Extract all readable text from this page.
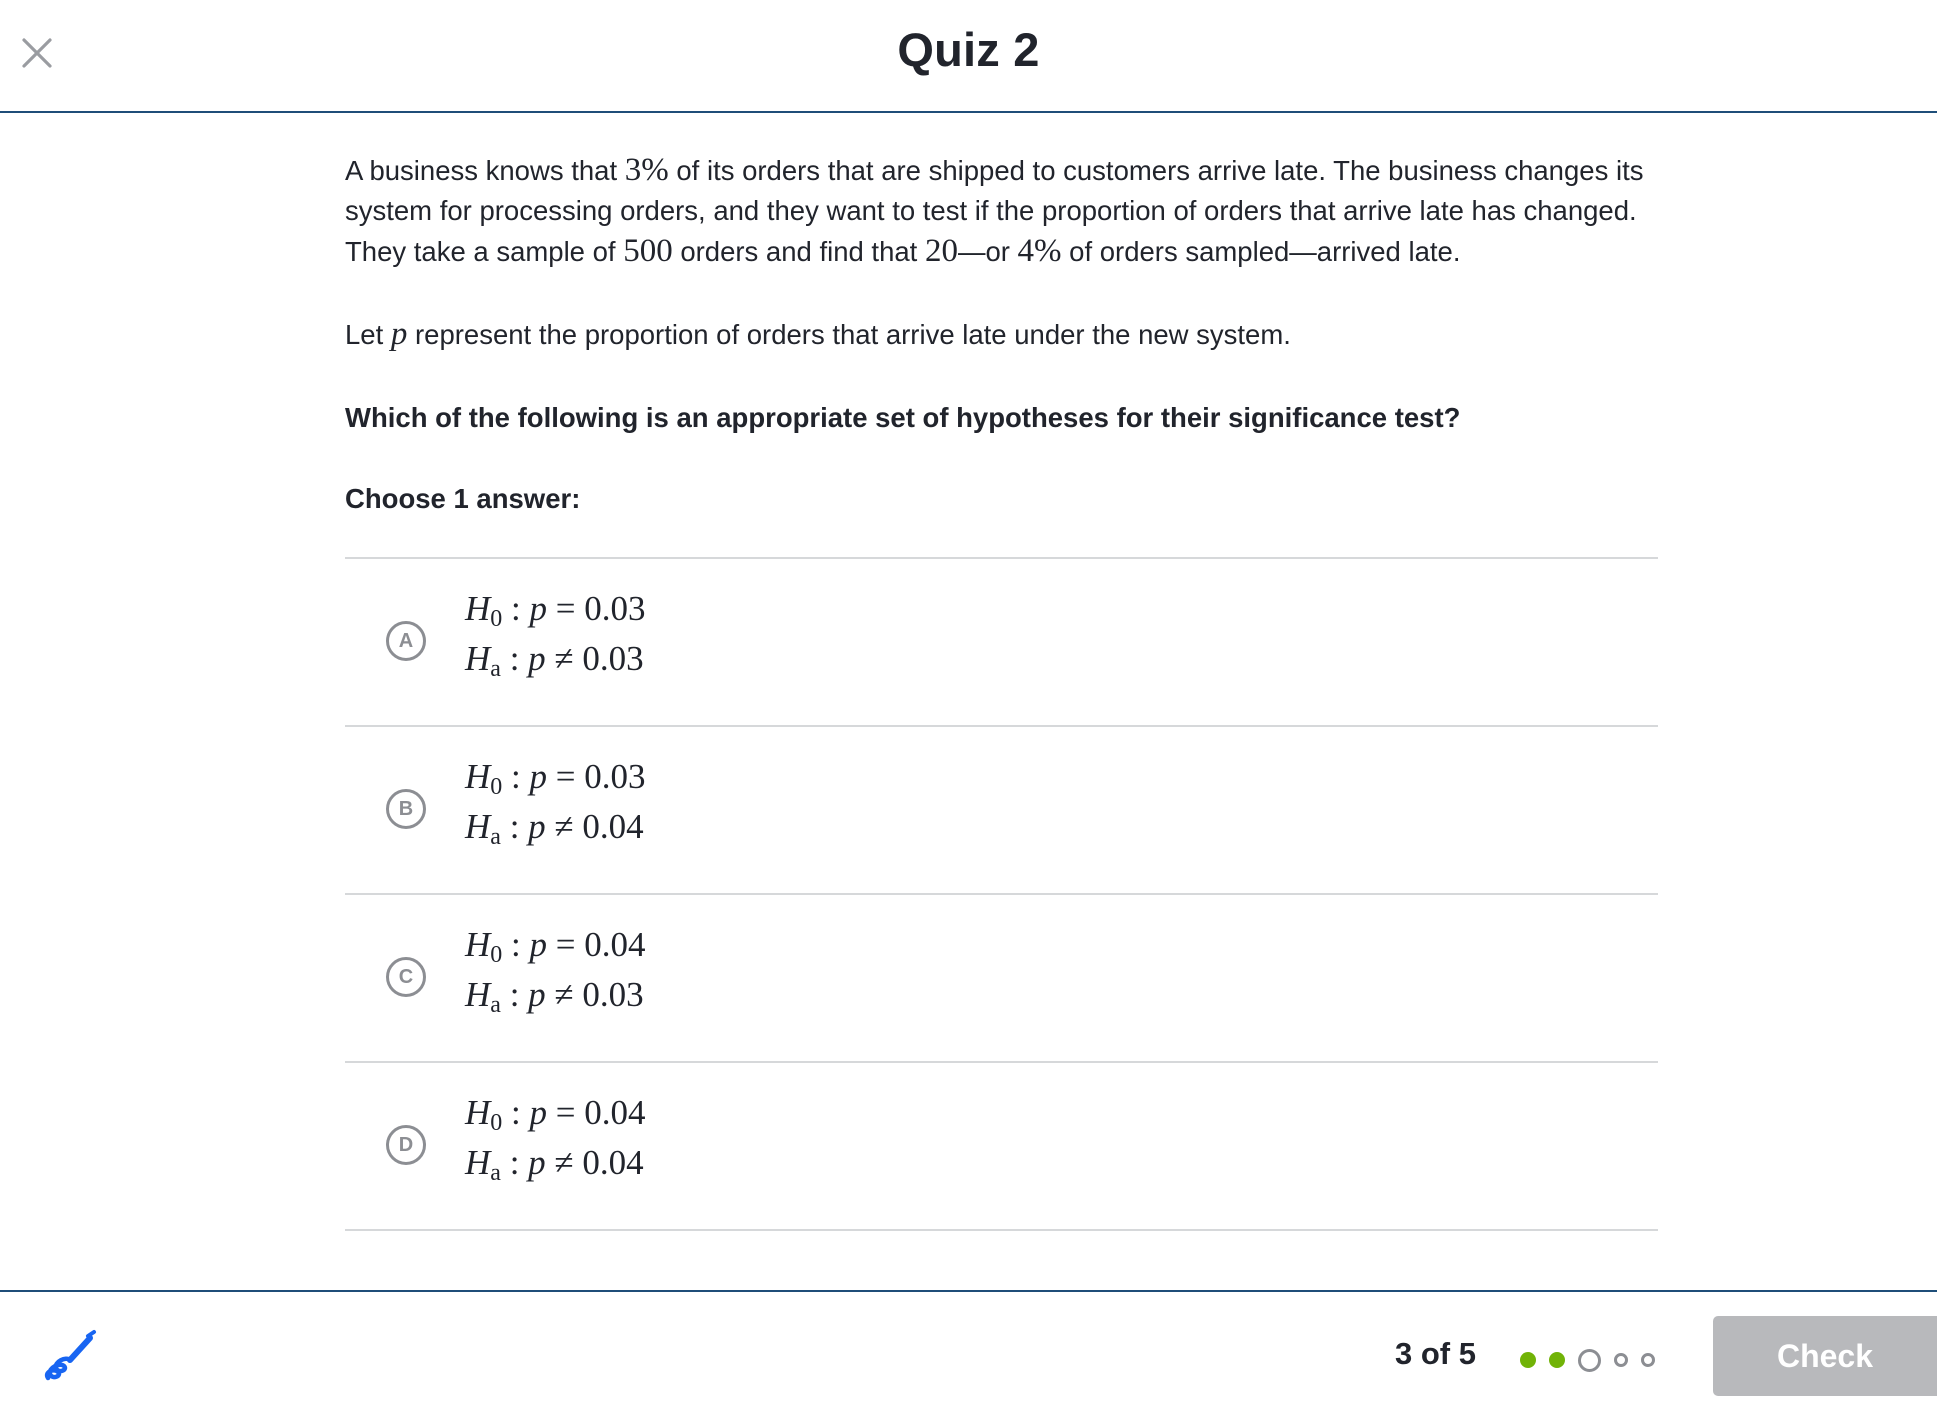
Quiz 2

A business knows that 3% of its orders that are shipped to customers arrive late. The business changes its system for processing orders, and they want to test if the proportion of orders that arrive late has changed. They take a sample of 500 orders and find that 20—or 4% of orders sampled—arrived late.

Let p represent the proportion of orders that arrive late under the new system.

Which of the following is an appropriate set of hypotheses for their significance test?
Choose 1 answer:
A
$H_0$ : p = 0.03
$H_a$ : p ≠ 0.03
B
$H_0$ : p = 0.03
$H_a$ : p ≠ 0.04
C
$H_0$ : p = 0.04
$H_a$ : p ≠ 0.03
D
$H_0$ : p = 0.04
$H_a$ : p ≠ 0.04
3 of 5	Check
